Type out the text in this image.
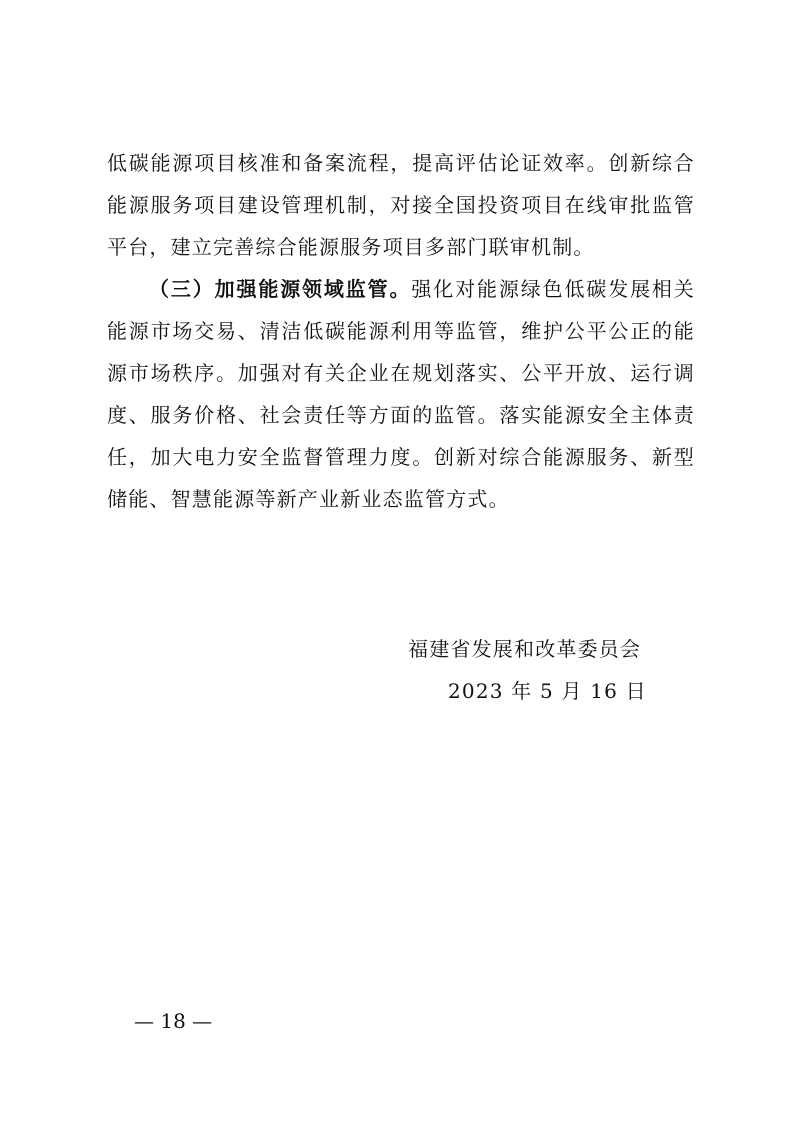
低碳能源项目核准和备案流程，提高评估论证效率。创新综合能源服务项目建设管理机制，对接全国投资项目在线审批监管平台，建立完善综合能源服务项目多部门联审机制。

（三）加强能源领域监管。强化对能源绿色低碳发展相关能源市场交易、清洁低碳能源利用等监管，维护公平公正的能源市场秩序。加强对有关企业在规划落实、公平开放、运行调度、服务价格、社会责任等方面的监管。落实能源安全主体责任，加大电力安全监督管理力度。创新对综合能源服务、新型储能、智慧能源等新产业新业态监管方式。

福建省发展和改革委员会
2023 年 5 月 16 日
— 18 —
